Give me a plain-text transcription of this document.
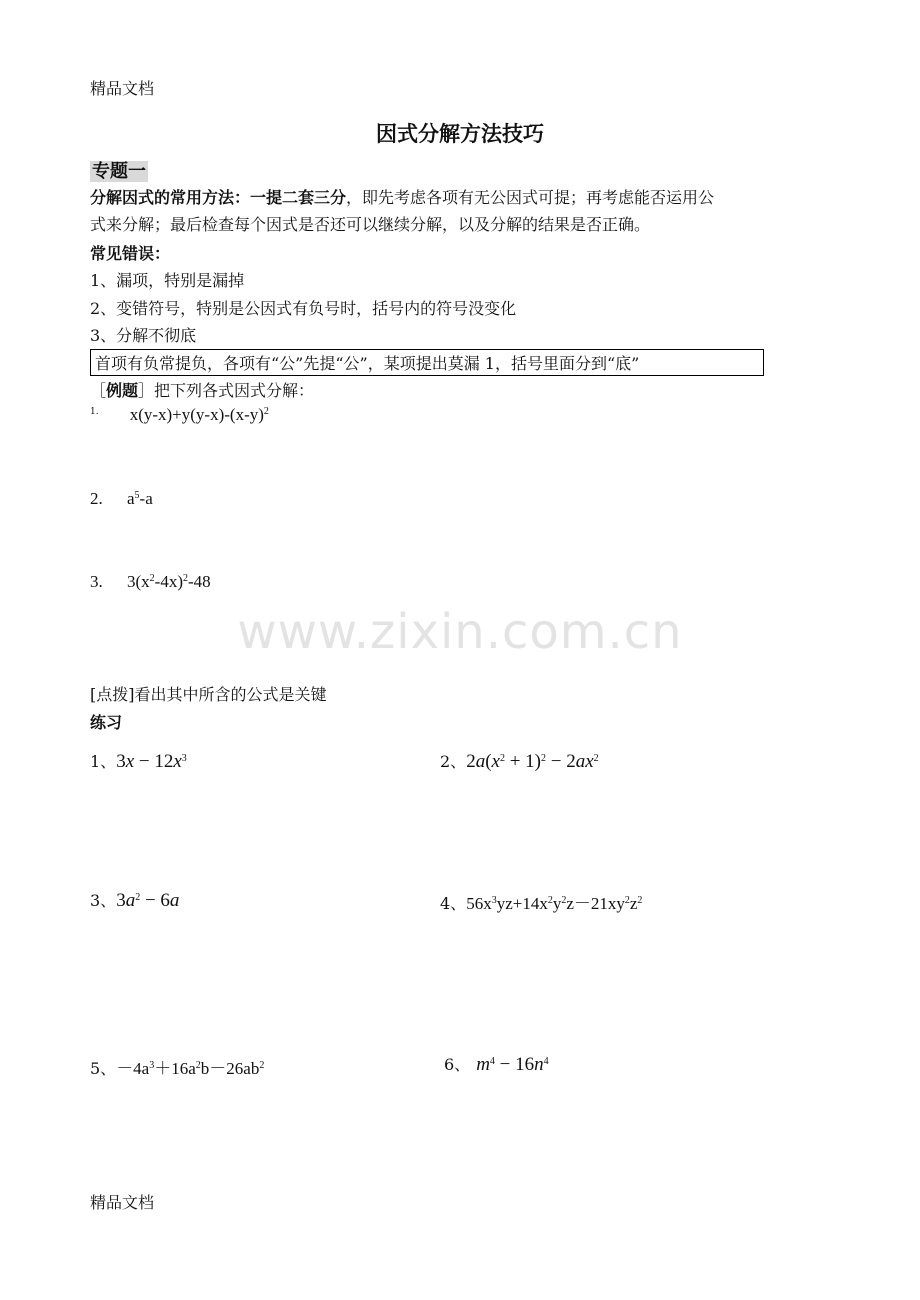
精品文档
因式分解方法技巧
专题一
分解因式的常用方法：一提二套三分，即先考虑各项有无公因式可提；再考虑能否运用公
式来分解；最后检查每个因式是否还可以继续分解，以及分解的结果是否正确。
常见错误：
1、漏项，特别是漏掉
2、变错符号，特别是公因式有负号时，括号内的符号没变化
3、分解不彻底
首项有负常提负，各项有“公”先提“公”，某项提出莫漏 1，括号里面分到“底”
［例题］把下列各式因式分解：
$^{1.}$ $x(y-x)+y(y-x)-(x-y)^2$
2. $a^5-a$
3. $3(x^2-4x)^2-48$
www.zixin.com.cn
[点拨]看出其中所含的公式是关键
练习
1、$3x - 12x^3$	2、$2a(x^2 + 1)^2 - 2ax^2$
3、$3a^2 - 6a$	4、$56x^3yz+14x^2y^2z-21xy^2z^2$
5、$-4a^3+16a^2b-26ab^2$	6、 $m^4 - 16n^4$
精品文档
